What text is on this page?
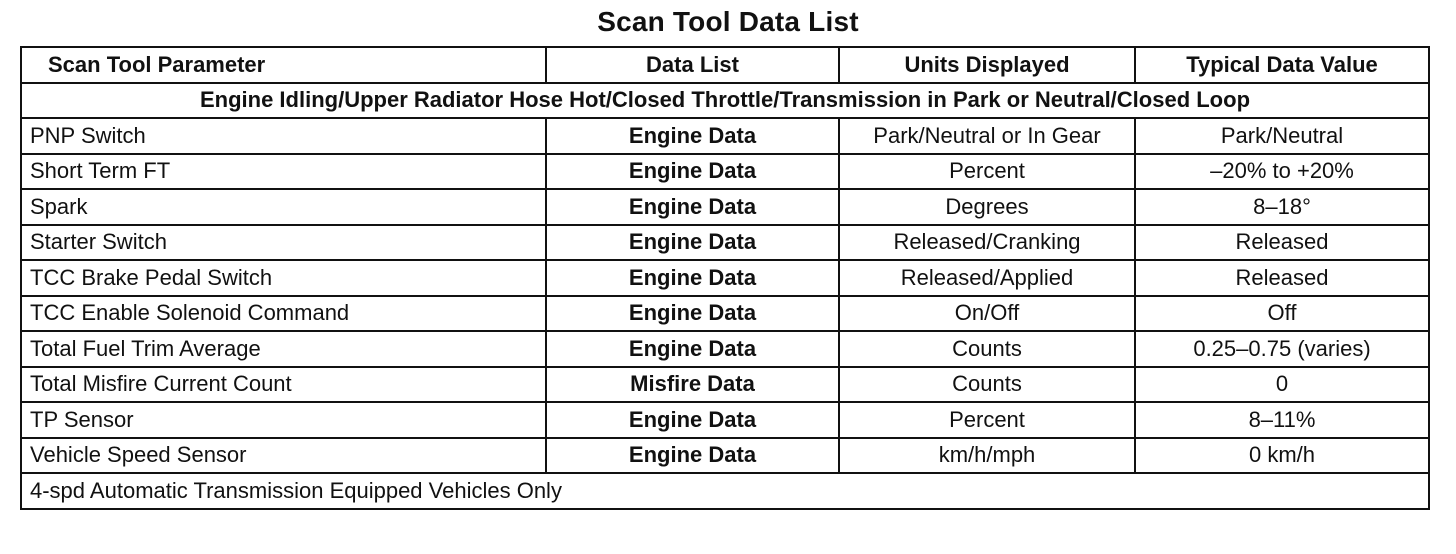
Scan Tool Data List
Scan Tool Parameter	Data List	Units Displayed	Typical Data Value
Engine Idling/Upper Radiator Hose Hot/Closed Throttle/Transmission in Park or Neutral/Closed Loop			
PNP Switch	Engine Data	Park/Neutral or In Gear	Park/Neutral
Short Term FT	Engine Data	Percent	–20% to +20%
Spark	Engine Data	Degrees	8–18°
Starter Switch	Engine Data	Released/Cranking	Released
TCC Brake Pedal Switch	Engine Data	Released/Applied	Released
TCC Enable Solenoid Command	Engine Data	On/Off	Off
Total Fuel Trim Average	Engine Data	Counts	0.25–0.75 (varies)
Total Misfire Current Count	Misfire Data	Counts	0
TP Sensor	Engine Data	Percent	8–11%
Vehicle Speed Sensor	Engine Data	km/h/mph	0 km/h
4-spd Automatic Transmission Equipped Vehicles Only			
